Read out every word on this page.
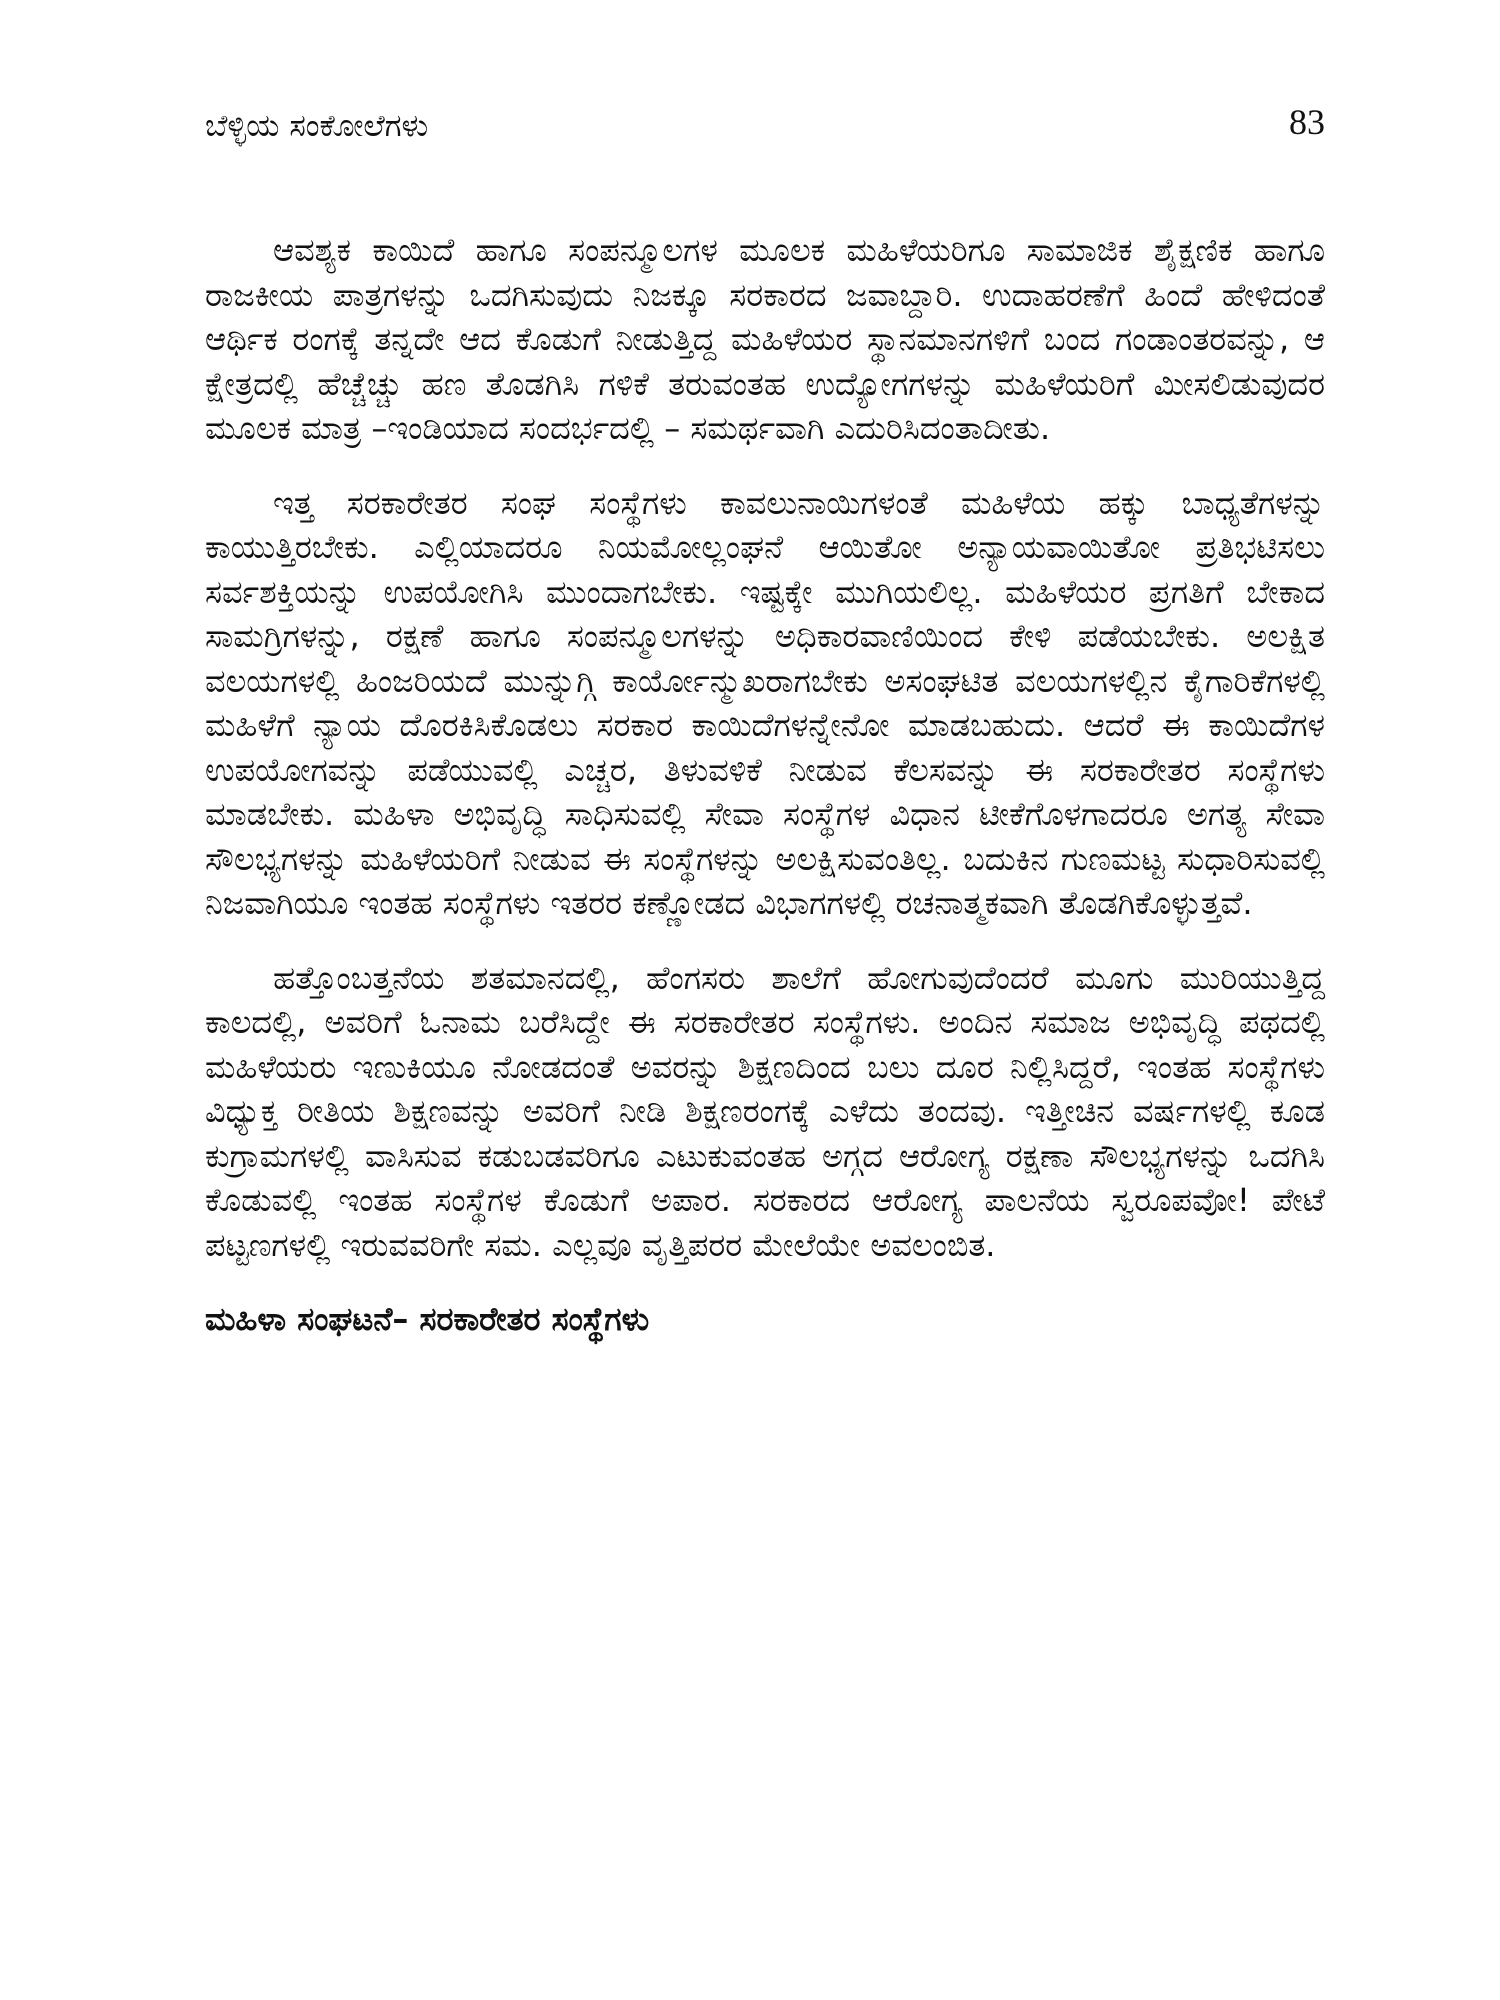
ಬೆಳ್ಳಿಯ ಸಂಕೋಲೆಗಳು	83

ಆವಶ್ಯಕ ಕಾಯಿದೆ ಹಾಗೂ ಸಂಪನ್ಮೂಲಗಳ ಮೂಲಕ ಮಹಿಳೆಯರಿಗೂ ಸಾಮಾಜಿಕ ಶೈಕ್ಷಣಿಕ ಹಾಗೂ ರಾಜಕೀಯ ಪಾತ್ರಗಳನ್ನು ಒದಗಿಸುವುದು ನಿಜಕ್ಕೂ ಸರಕಾರದ ಜವಾಬ್ದಾರಿ. ಉದಾಹರಣೆಗೆ ಹಿಂದೆ ಹೇಳಿದಂತೆ ಆರ್ಥಿಕ ರಂಗಕ್ಕೆ ತನ್ನದೇ ಆದ ಕೊಡುಗೆ ನೀಡುತ್ತಿದ್ದ ಮಹಿಳೆಯರ ಸ್ಥಾನಮಾನಗಳಿಗೆ ಬಂದ ಗಂಡಾಂತರವನ್ನು, ಆ ಕ್ಷೇತ್ರದಲ್ಲಿ ಹೆಚ್ಚೆಚ್ಚು ಹಣ ತೊಡಗಿಸಿ ಗಳಿಕೆ ತರುವಂತಹ ಉದ್ಯೋಗಗಳನ್ನು ಮಹಿಳೆಯರಿಗೆ ಮೀಸಲಿಡುವುದರ ಮೂಲಕ ಮಾತ್ರ –ಇಂಡಿಯಾದ ಸಂದರ್ಭದಲ್ಲಿ – ಸಮರ್ಥವಾಗಿ ಎದುರಿಸಿದಂತಾದೀತು.

ಇತ್ತ ಸರಕಾರೇತರ ಸಂಘ ಸಂಸ್ಥೆಗಳು ಕಾವಲುನಾಯಿಗಳಂತೆ ಮಹಿಳೆಯ ಹಕ್ಕು ಬಾಧ್ಯತೆಗಳನ್ನು ಕಾಯುತ್ತಿರಬೇಕು. ಎಲ್ಲಿಯಾದರೂ ನಿಯಮೋಲ್ಲಂಘನೆ ಆಯಿತೋ ಅನ್ಯಾಯವಾಯಿತೋ ಪ್ರತಿಭಟಿಸಲು ಸರ್ವಶಕ್ತಿಯನ್ನು ಉಪಯೋಗಿಸಿ ಮುಂದಾಗಬೇಕು. ಇಷ್ಟಕ್ಕೇ ಮುಗಿಯಲಿಲ್ಲ. ಮಹಿಳೆಯರ ಪ್ರಗತಿಗೆ ಬೇಕಾದ ಸಾಮಗ್ರಿಗಳನ್ನು, ರಕ್ಷಣೆ ಹಾಗೂ ಸಂಪನ್ಮೂಲಗಳನ್ನು ಅಧಿಕಾರವಾಣಿಯಿಂದ ಕೇಳಿ ಪಡೆಯಬೇಕು. ಅಲಕ್ಷಿತ ವಲಯಗಳಲ್ಲಿ ಹಿಂಜರಿಯದೆ ಮುನ್ನುಗ್ಗಿ ಕಾರ್ಯೋನ್ಮುಖರಾಗಬೇಕು ಅಸಂಘಟಿತ ವಲಯಗಳಲ್ಲಿನ ಕೈಗಾರಿಕೆಗಳಲ್ಲಿ ಮಹಿಳೆಗೆ ನ್ಯಾಯ ದೊರಕಿಸಿಕೊಡಲು ಸರಕಾರ ಕಾಯಿದೆಗಳನ್ನೇನೋ ಮಾಡಬಹುದು. ಆದರೆ ಈ ಕಾಯಿದೆಗಳ ಉಪಯೋಗವನ್ನು ಪಡೆಯುವಲ್ಲಿ ಎಚ್ಚರ, ತಿಳುವಳಿಕೆ ನೀಡುವ ಕೆಲಸವನ್ನು ಈ ಸರಕಾರೇತರ ಸಂಸ್ಥೆಗಳು ಮಾಡಬೇಕು. ಮಹಿಳಾ ಅಭಿವೃದ್ಧಿ ಸಾಧಿಸುವಲ್ಲಿ ಸೇವಾ ಸಂಸ್ಥೆಗಳ ವಿಧಾನ ಟೀಕೆಗೊಳಗಾದರೂ ಅಗತ್ಯ ಸೇವಾ ಸೌಲಭ್ಯಗಳನ್ನು ಮಹಿಳೆಯರಿಗೆ ನೀಡುವ ಈ ಸಂಸ್ಥೆಗಳನ್ನು ಅಲಕ್ಷಿಸುವಂತಿಲ್ಲ. ಬದುಕಿನ ಗುಣಮಟ್ಟ ಸುಧಾರಿಸುವಲ್ಲಿ ನಿಜವಾಗಿಯೂ ಇಂತಹ ಸಂಸ್ಥೆಗಳು ಇತರರ ಕಣ್ಣೋಡದ ವಿಭಾಗಗಳಲ್ಲಿ ರಚನಾತ್ಮಕವಾಗಿ ತೊಡಗಿಕೊಳ್ಳುತ್ತವೆ.

ಹತ್ತೊಂಬತ್ತನೆಯ ಶತಮಾನದಲ್ಲಿ, ಹೆಂಗಸರು ಶಾಲೆಗೆ ಹೋಗುವುದೆಂದರೆ ಮೂಗು ಮುರಿಯುತ್ತಿದ್ದ ಕಾಲದಲ್ಲಿ, ಅವರಿಗೆ ಓನಾಮ ಬರೆಸಿದ್ದೇ ಈ ಸರಕಾರೇತರ ಸಂಸ್ಥೆಗಳು. ಅಂದಿನ ಸಮಾಜ ಅಭಿವೃದ್ಧಿ ಪಥದಲ್ಲಿ ಮಹಿಳೆಯರು ಇಣುಕಿಯೂ ನೋಡದಂತೆ ಅವರನ್ನು ಶಿಕ್ಷಣದಿಂದ ಬಲು ದೂರ ನಿಲ್ಲಿಸಿದ್ದರೆ, ಇಂತಹ ಸಂಸ್ಥೆಗಳು ವಿಧ್ಯುಕ್ತ ರೀತಿಯ ಶಿಕ್ಷಣವನ್ನು ಅವರಿಗೆ ನೀಡಿ ಶಿಕ್ಷಣರಂಗಕ್ಕೆ ಎಳೆದು ತಂದವು. ಇತ್ತೀಚಿನ ವರ್ಷಗಳಲ್ಲಿ ಕೂಡ ಕುಗ್ರಾಮಗಳಲ್ಲಿ ವಾಸಿಸುವ ಕಡುಬಡವರಿಗೂ ಎಟುಕುವಂತಹ ಅಗ್ಗದ ಆರೋಗ್ಯ ರಕ್ಷಣಾ ಸೌಲಭ್ಯಗಳನ್ನು ಒದಗಿಸಿ ಕೊಡುವಲ್ಲಿ ಇಂತಹ ಸಂಸ್ಥೆಗಳ ಕೊಡುಗೆ ಅಪಾರ. ಸರಕಾರದ ಆರೋಗ್ಯ ಪಾಲನೆಯ ಸ್ವರೂಪವೋ! ಪೇಟೆ ಪಟ್ಟಣಗಳಲ್ಲಿ ಇರುವವರಿಗೇ ಸಮ. ಎಲ್ಲವೂ ವೃತ್ತಿಪರರ ಮೇಲೆಯೇ ಅವಲಂಬಿತ.

ಮಹಿಳಾ ಸಂಘಟನೆ– ಸರಕಾರೇತರ ಸಂಸ್ಥೆಗಳು
